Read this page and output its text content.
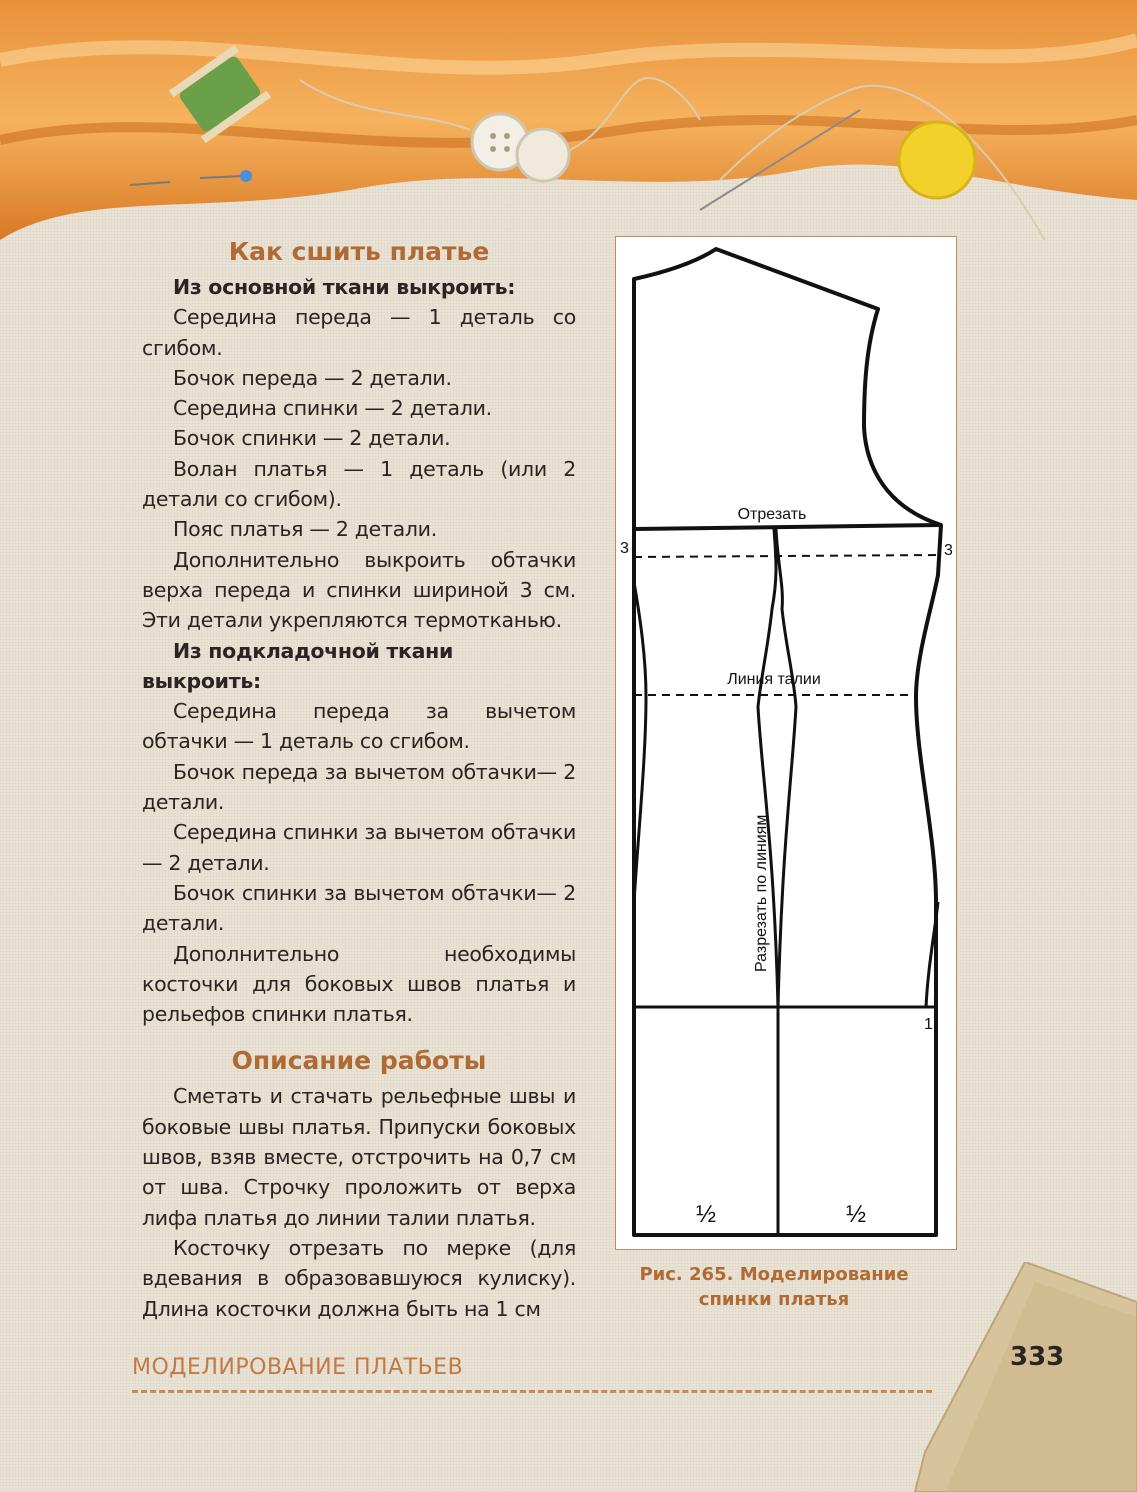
Как сшить платье
Из основной ткани выкроить:
Середина переда — 1 деталь со сгибом.
Бочок переда — 2 детали.
Середина спинки — 2 детали.
Бочок спинки — 2 детали.
Волан платья — 1 деталь (или 2 детали со сгибом).
Пояс платья — 2 детали.
Дополнительно выкроить обтачки верха переда и спинки шириной 3 см. Эти детали укрепляются термотканью.
Из подкладочной ткани выкроить:
Середина переда за вычетом обтачки — 1 деталь со сгибом.
Бочок переда за вычетом обтачки— 2 детали.
Середина спинки за вычетом обтачки— 2 детали.
Бочок спинки за вычетом обтачки— 2 детали.
Дополнительно необходимы косточки для боковых швов платья и рельефов спинки платья.
Описание работы
Сметать и стачать рельефные швы и боковые швы платья. Припуски боковых швов, взяв вместе, отстрочить на 0,7 см от шва. Строчку проложить от верха лифа платья до линии талии платья.
Косточку отрезать по мерке (для вдевания в образовавшуюся кулиску). Длина косточки должна быть на 1 см
Отрезать
Линия талии
Разрезать по линиям
3	3
1
½	½
Рис. 265. Моделирование
спинки платья
МОДЕЛИРОВАНИЕ ПЛАТЬЕВ	333
